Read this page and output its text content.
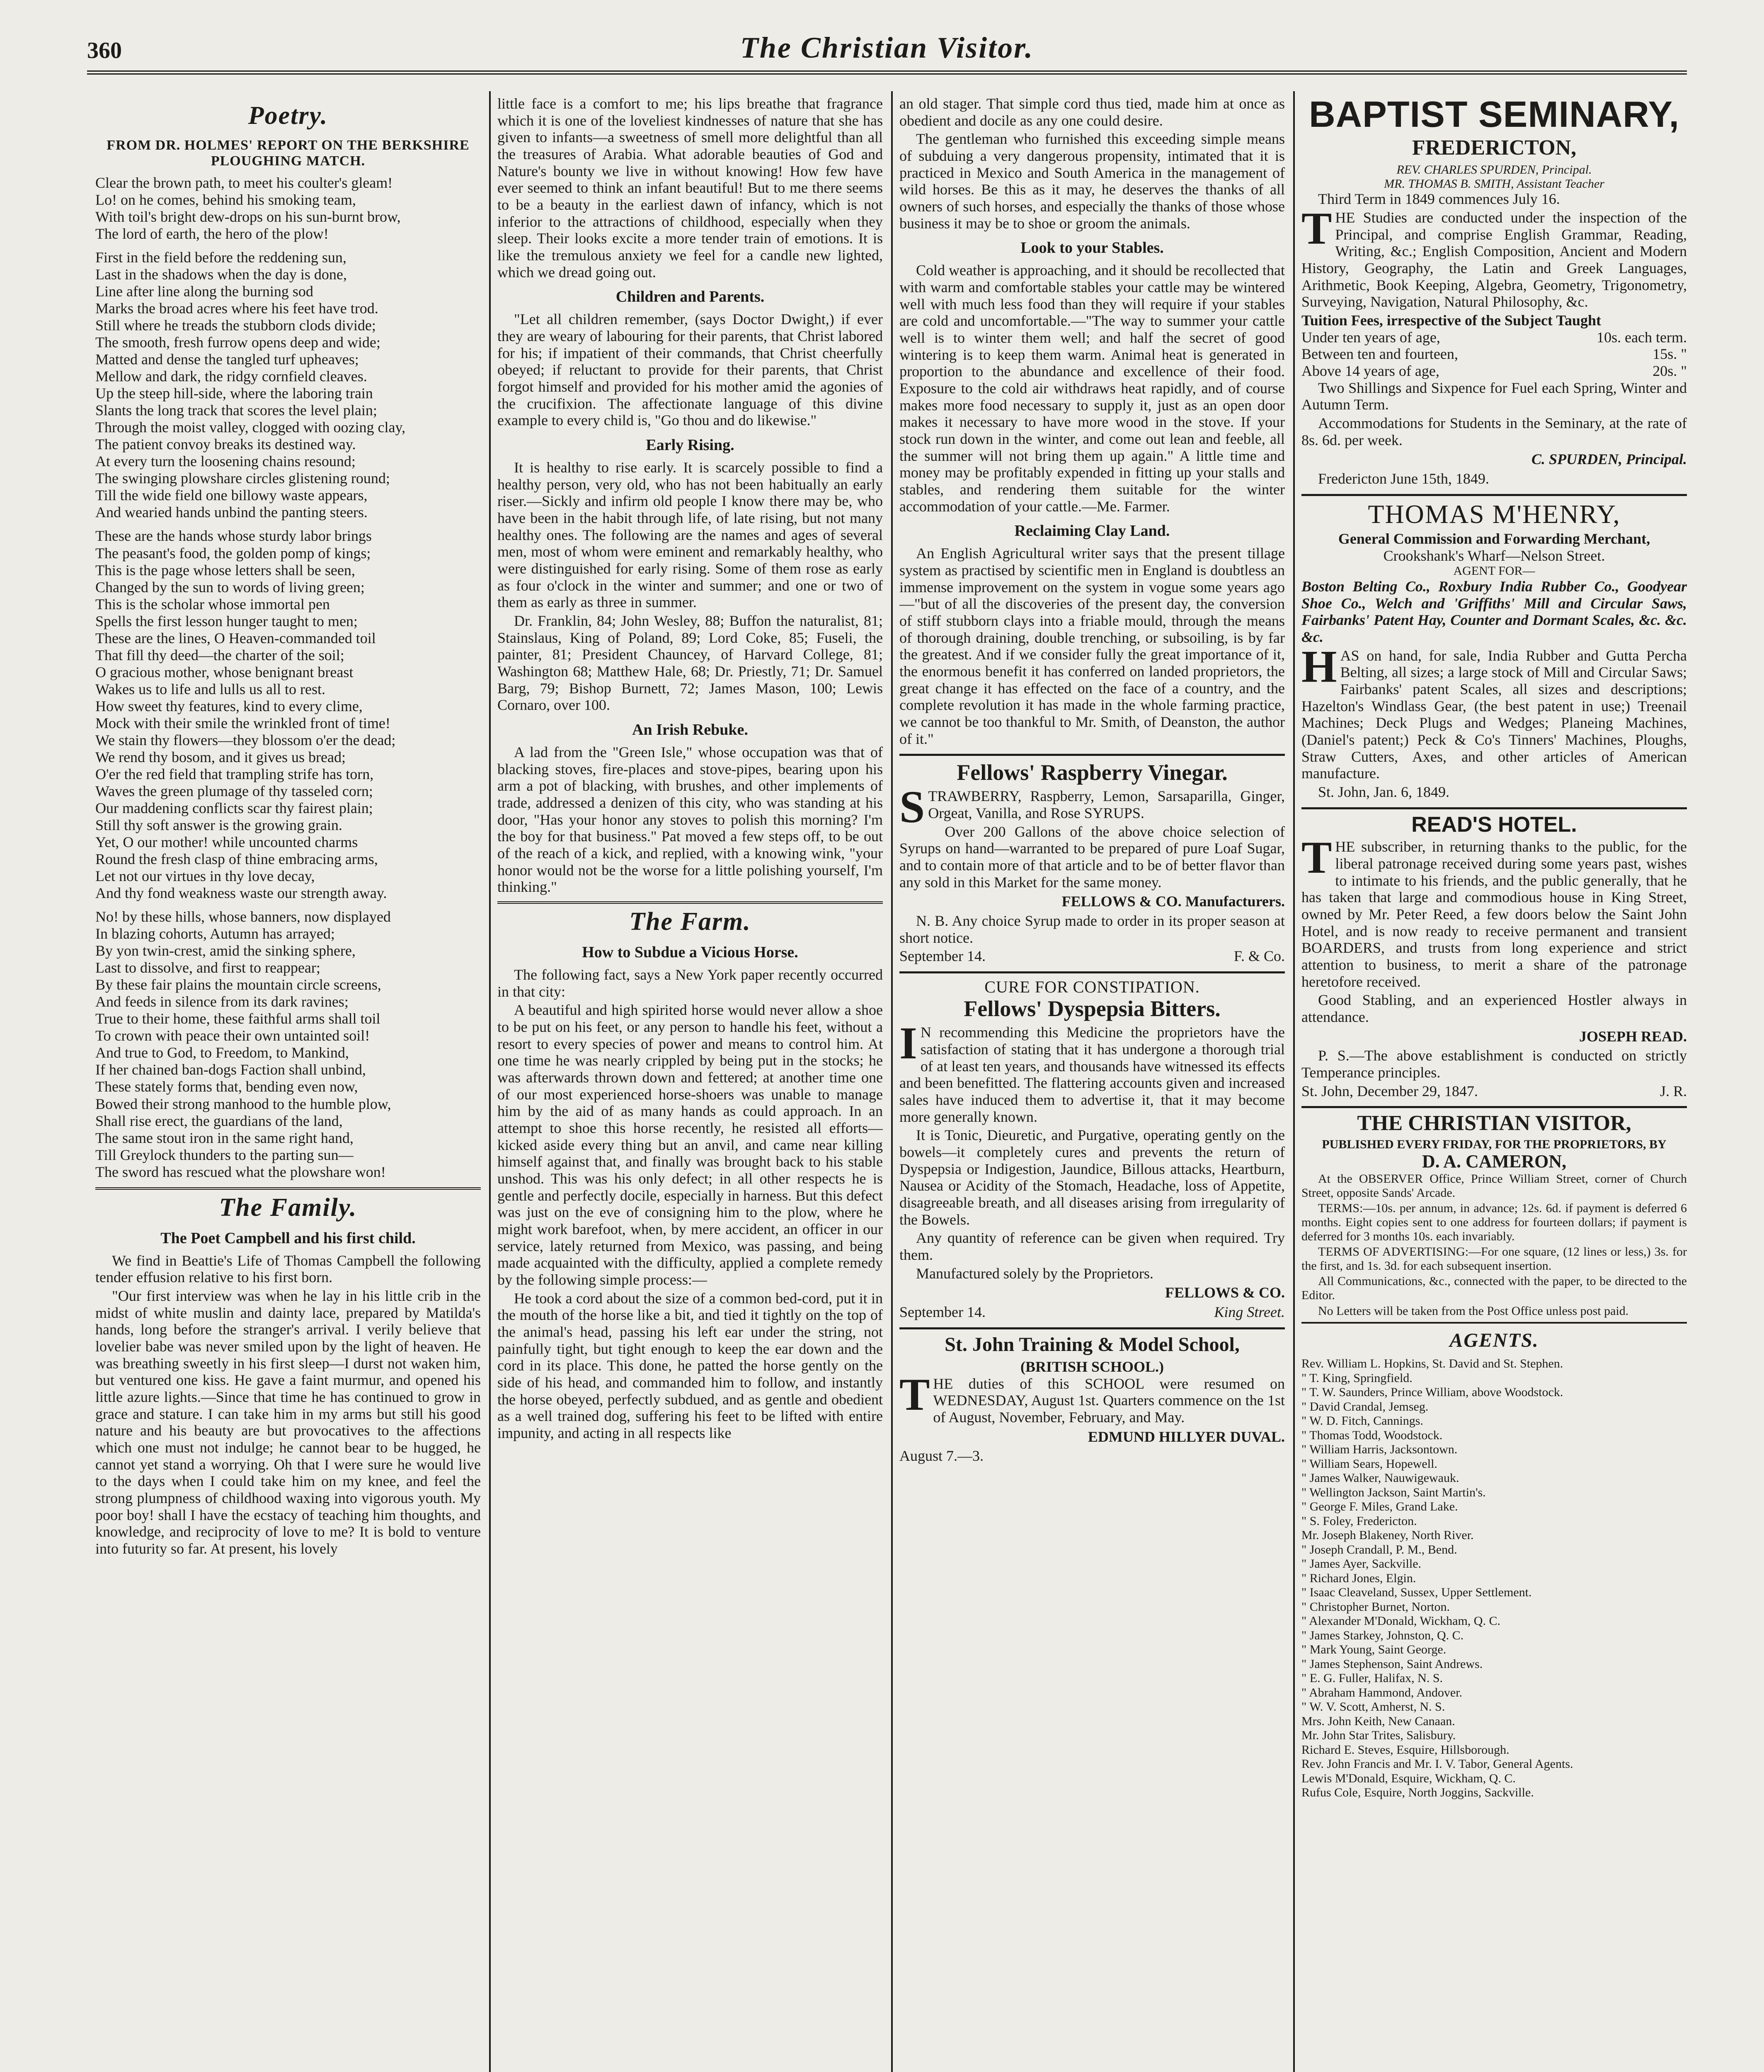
360	The Christian Visitor.
Poetry.
FROM DR. HOLMES' REPORT ON THE BERKSHIRE PLOUGHING MATCH.
Clear the brown path, to meet his coulter's gleam!
Lo! on he comes, behind his smoking team,
With toil's bright dew-drops on his sun-burnt brow,
The lord of earth, the hero of the plow!
First in the field before the reddening sun,
Last in the shadows when the day is done,
Line after line along the burning sod
Marks the broad acres where his feet have trod.
Still where he treads the stubborn clods divide;
The smooth, fresh furrow opens deep and wide;
Matted and dense the tangled turf upheaves;
Mellow and dark, the ridgy cornfield cleaves.
Up the steep hill-side, where the laboring train
Slants the long track that scores the level plain;
Through the moist valley, clogged with oozing clay,
The patient convoy breaks its destined way.
At every turn the loosening chains resound;
The swinging plowshare circles glistening round;
Till the wide field one billowy waste appears,
And wearied hands unbind the panting steers.
These are the hands whose sturdy labor brings
The peasant's food, the golden pomp of kings;
This is the page whose letters shall be seen,
Changed by the sun to words of living green;
This is the scholar whose immortal pen
Spells the first lesson hunger taught to men;
These are the lines, O Heaven-commanded toil
That fill thy deed—the charter of the soil;
O gracious mother, whose benignant breast
Wakes us to life and lulls us all to rest.
How sweet thy features, kind to every clime,
Mock with their smile the wrinkled front of time!
We stain thy flowers—they blossom o'er the dead;
We rend thy bosom, and it gives us bread;
O'er the red field that trampling strife has torn,
Waves the green plumage of thy tasseled corn;
Our maddening conflicts scar thy fairest plain;
Still thy soft answer is the growing grain.
Yet, O our mother! while uncounted charms
Round the fresh clasp of thine embracing arms,
Let not our virtues in thy love decay,
And thy fond weakness waste our strength away.
No! by these hills, whose banners, now displayed
In blazing cohorts, Autumn has arrayed;
By yon twin-crest, amid the sinking sphere,
Last to dissolve, and first to reappear;
By these fair plains the mountain circle screens,
And feeds in silence from its dark ravines;
True to their home, these faithful arms shall toil
To crown with peace their own untainted soil!
And true to God, to Freedom, to Mankind,
If her chained ban-dogs Faction shall unbind,
These stately forms that, bending even now,
Bowed their strong manhood to the humble plow,
Shall rise erect, the guardians of the land,
The same stout iron in the same right hand,
Till Greylock thunders to the parting sun—
The sword has rescued what the plowshare won!
The Family.
The Poet Campbell and his first child.

We find in Beattie's Life of Thomas Campbell the following tender effusion relative to his first born.

"Our first interview was when he lay in his little crib in the midst of white muslin and dainty lace, prepared by Matilda's hands, long before the stranger's arrival. I verily believe that lovelier babe was never smiled upon by the light of heaven. He was breathing sweetly in his first sleep—I durst not waken him, but ventured one kiss. He gave a faint murmur, and opened his little azure lights.—Since that time he has continued to grow in grace and stature. I can take him in my arms but still his good nature and his beauty are but provocatives to the affections which one must not indulge; he cannot bear to be hugged, he cannot yet stand a worrying. Oh that I were sure he would live to the days when I could take him on my knee, and feel the strong plumpness of childhood waxing into vigorous youth. My poor boy! shall I have the ecstacy of teaching him thoughts, and knowledge, and reciprocity of love to me? It is bold to venture into futurity so far. At present, his lovely

little face is a comfort to me; his lips breathe that fragrance which it is one of the loveliest kindnesses of nature that she has given to infants—a sweetness of smell more delightful than all the treasures of Arabia. What adorable beauties of God and Nature's bounty we live in without knowing! How few have ever seemed to think an infant beautiful! But to me there seems to be a beauty in the earliest dawn of infancy, which is not inferior to the attractions of childhood, especially when they sleep. Their looks excite a more tender train of emotions. It is like the tremulous anxiety we feel for a candle new lighted, which we dread going out.

Children and Parents.

"Let all children remember, (says Doctor Dwight,) if ever they are weary of labouring for their parents, that Christ labored for his; if impatient of their commands, that Christ cheerfully obeyed; if reluctant to provide for their parents, that Christ forgot himself and provided for his mother amid the agonies of the crucifixion. The affectionate language of this divine example to every child is, "Go thou and do likewise."

Early Rising.

It is healthy to rise early. It is scarcely possible to find a healthy person, very old, who has not been habitually an early riser.—Sickly and infirm old people I know there may be, who have been in the habit through life, of late rising, but not many healthy ones. The following are the names and ages of several men, most of whom were eminent and remarkably healthy, who were distinguished for early rising. Some of them rose as early as four o'clock in the winter and summer; and one or two of them as early as three in summer.

Dr. Franklin, 84; John Wesley, 88; Buffon the naturalist, 81; Stainslaus, King of Poland, 89; Lord Coke, 85; Fuseli, the painter, 81; President Chauncey, of Harvard College, 81; Washington 68; Matthew Hale, 68; Dr. Priestly, 71; Dr. Samuel Barg, 79; Bishop Burnett, 72; James Mason, 100; Lewis Cornaro, over 100.

An Irish Rebuke.

A lad from the "Green Isle," whose occupation was that of blacking stoves, fire-places and stove-pipes, bearing upon his arm a pot of blacking, with brushes, and other implements of trade, addressed a denizen of this city, who was standing at his door, "Has your honor any stoves to polish this morning? I'm the boy for that business." Pat moved a few steps off, to be out of the reach of a kick, and replied, with a knowing wink, "your honor would not be the worse for a little polishing yourself, I'm thinking."

The Farm.
How to Subdue a Vicious Horse.

The following fact, says a New York paper recently occurred in that city:

A beautiful and high spirited horse would never allow a shoe to be put on his feet, or any person to handle his feet, without a resort to every species of power and means to control him. At one time he was nearly crippled by being put in the stocks; he was afterwards thrown down and fettered; at another time one of our most experienced horse-shoers was unable to manage him by the aid of as many hands as could approach. In an attempt to shoe this horse recently, he resisted all efforts—kicked aside every thing but an anvil, and came near killing himself against that, and finally was brought back to his stable unshod. This was his only defect; in all other respects he is gentle and perfectly docile, especially in harness. But this defect was just on the eve of consigning him to the plow, where he might work barefoot, when, by mere accident, an officer in our service, lately returned from Mexico, was passing, and being made acquainted with the difficulty, applied a complete remedy by the following simple process:—

He took a cord about the size of a common bed-cord, put it in the mouth of the horse like a bit, and tied it tightly on the top of the animal's head, passing his left ear under the string, not painfully tight, but tight enough to keep the ear down and the cord in its place. This done, he patted the horse gently on the side of his head, and commanded him to follow, and instantly the horse obeyed, perfectly subdued, and as gentle and obedient as a well trained dog, suffering his feet to be lifted with entire impunity, and acting in all respects like

an old stager. That simple cord thus tied, made him at once as obedient and docile as any one could desire.

The gentleman who furnished this exceeding simple means of subduing a very dangerous propensity, intimated that it is practiced in Mexico and South America in the management of wild horses. Be this as it may, he deserves the thanks of all owners of such horses, and especially the thanks of those whose business it may be to shoe or groom the animals.

Look to your Stables.

Cold weather is approaching, and it should be recollected that with warm and comfortable stables your cattle may be wintered well with much less food than they will require if your stables are cold and uncomfortable.—"The way to summer your cattle well is to winter them well; and half the secret of good wintering is to keep them warm. Animal heat is generated in proportion to the abundance and excellence of their food. Exposure to the cold air withdraws heat rapidly, and of course makes more food necessary to supply it, just as an open door makes it necessary to have more wood in the stove. If your stock run down in the winter, and come out lean and feeble, all the summer will not bring them up again." A little time and money may be profitably expended in fitting up your stalls and stables, and rendering them suitable for the winter accommodation of your cattle.—Me. Farmer.

Reclaiming Clay Land.

An English Agricultural writer says that the present tillage system as practised by scientific men in England is doubtless an immense improvement on the system in vogue some years ago—"but of all the discoveries of the present day, the conversion of stiff stubborn clays into a friable mould, through the means of thorough draining, double trenching, or subsoiling, is by far the greatest. And if we consider fully the great importance of it, the enormous benefit it has conferred on landed proprietors, the great change it has effected on the face of a country, and the complete revolution it has made in the whole farming practice, we cannot be too thankful to Mr. Smith, of Deanston, the author of it."

Fellows' Raspberry Vinegar.

STRAWBERRY, Raspberry, Lemon, Sarsaparilla, Ginger, Orgeat, Vanilla, and Rose SYRUPS.

Over 200 Gallons of the above choice selection of Syrups on hand—warranted to be prepared of pure Loaf Sugar, and to contain more of that article and to be of better flavor than any sold in this Market for the same money.

FELLOWS & CO. Manufacturers.

N. B. Any choice Syrup made to order in its proper season at short notice.

September 14.	F. & Co.
CURE FOR CONSTIPATION.
Fellows' Dyspepsia Bitters.

IN recommending this Medicine the proprietors have the satisfaction of stating that it has undergone a thorough trial of at least ten years, and thousands have witnessed its effects and been benefitted. The flattering accounts given and increased sales have induced them to advertise it, that it may become more generally known.

It is Tonic, Dieuretic, and Purgative, operating gently on the bowels—it completely cures and prevents the return of Dyspepsia or Indigestion, Jaundice, Billous attacks, Heartburn, Nausea or Acidity of the Stomach, Headache, loss of Appetite, disagreeable breath, and all diseases arising from irregularity of the Bowels.

Any quantity of reference can be given when required. Try them.

Manufactured solely by the Proprietors.

FELLOWS & CO.
September 14.	King Street.
St. John Training & Model School,
(BRITISH SCHOOL.)

THE duties of this SCHOOL were resumed on WEDNESDAY, August 1st. Quarters commence on the 1st of August, November, February, and May.

EDMUND HILLYER DUVAL.
August 7.—3.
BAPTIST SEMINARY,
FREDERICTON,
REV. CHARLES SPURDEN, Principal.
MR. THOMAS B. SMITH, Assistant Teacher

Third Term in 1849 commences July 16.

THE Studies are conducted under the inspection of the Principal, and comprise English Grammar, Reading, Writing, &c.; English Composition, Ancient and Modern History, Geography, the Latin and Greek Languages, Arithmetic, Book Keeping, Algebra, Geometry, Trigonometry, Surveying, Navigation, Natural Philosophy, &c.

Tuition Fees, irrespective of the Subject Taught
Under ten years of age,	10s. each term.
Between ten and fourteen,	15s. "
Above 14 years of age,	20s. "

Two Shillings and Sixpence for Fuel each Spring, Winter and Autumn Term.

Accommodations for Students in the Seminary, at the rate of 8s. 6d. per week.

C. SPURDEN, Principal.

Fredericton June 15th, 1849.

THOMAS M'HENRY,
General Commission and Forwarding Merchant,
Crookshank's Wharf—Nelson Street.
AGENT FOR—

Boston Belting Co., Roxbury India Rubber Co., Goodyear Shoe Co., Welch and 'Griffiths' Mill and Circular Saws, Fairbanks' Patent Hay, Counter and Dormant Scales, &c. &c. &c.

HAS on hand, for sale, India Rubber and Gutta Percha Belting, all sizes; a large stock of Mill and Circular Saws; Fairbanks' patent Scales, all sizes and descriptions; Hazelton's Windlass Gear, (the best patent in use;) Treenail Machines; Deck Plugs and Wedges; Planeing Machines, (Daniel's patent;) Peck & Co's Tinners' Machines, Ploughs, Straw Cutters, Axes, and other articles of American manufacture.

St. John, Jan. 6, 1849.

READ'S HOTEL.

THE subscriber, in returning thanks to the public, for the liberal patronage received during some years past, wishes to intimate to his friends, and the public generally, that he has taken that large and commodious house in King Street, owned by Mr. Peter Reed, a few doors below the Saint John Hotel, and is now ready to receive permanent and transient BOARDERS, and trusts from long experience and strict attention to business, to merit a share of the patronage heretofore received.

Good Stabling, and an experienced Hostler always in attendance.

JOSEPH READ.

P. S.—The above establishment is conducted on strictly Temperance principles.

St. John, December 29, 1847.	J. R.
THE CHRISTIAN VISITOR,
PUBLISHED EVERY FRIDAY, FOR THE PROPRIETORS, BY
D. A. CAMERON,

At the OBSERVER Office, Prince William Street, corner of Church Street, opposite Sands' Arcade.

TERMS:—10s. per annum, in advance; 12s. 6d. if payment is deferred 6 months. Eight copies sent to one address for fourteen dollars; if payment is deferred for 3 months 10s. each invariably.

TERMS OF ADVERTISING:—For one square, (12 lines or less,) 3s. for the first, and 1s. 3d. for each subsequent insertion.

All Communications, &c., connected with the paper, to be directed to the Editor.

No Letters will be taken from the Post Office unless post paid.

AGENTS.

Rev. William L. Hopkins, St. David and St. Stephen.

" T. King, Springfield.

" T. W. Saunders, Prince William, above Woodstock.

" David Crandal, Jemseg.

" W. D. Fitch, Cannings.

" Thomas Todd, Woodstock.

" William Harris, Jacksontown.

" William Sears, Hopewell.

" James Walker, Nauwigewauk.

" Wellington Jackson, Saint Martin's.

" George F. Miles, Grand Lake.

" S. Foley, Fredericton.

Mr. Joseph Blakeney, North River.

" Joseph Crandall, P. M., Bend.

" James Ayer, Sackville.

" Richard Jones, Elgin.

" Isaac Cleaveland, Sussex, Upper Settlement.

" Christopher Burnet, Norton.

" Alexander M'Donald, Wickham, Q. C.

" James Starkey, Johnston, Q. C.

" Mark Young, Saint George.

" James Stephenson, Saint Andrews.

" E. G. Fuller, Halifax, N. S.

" Abraham Hammond, Andover.

" W. V. Scott, Amherst, N. S.

Mrs. John Keith, New Canaan.

Mr. John Star Trites, Salisbury.

Richard E. Steves, Esquire, Hillsborough.

Rev. John Francis and Mr. I. V. Tabor, General Agents.

Lewis M'Donald, Esquire, Wickham, Q. C.

Rufus Cole, Esquire, North Joggins, Sackville.
